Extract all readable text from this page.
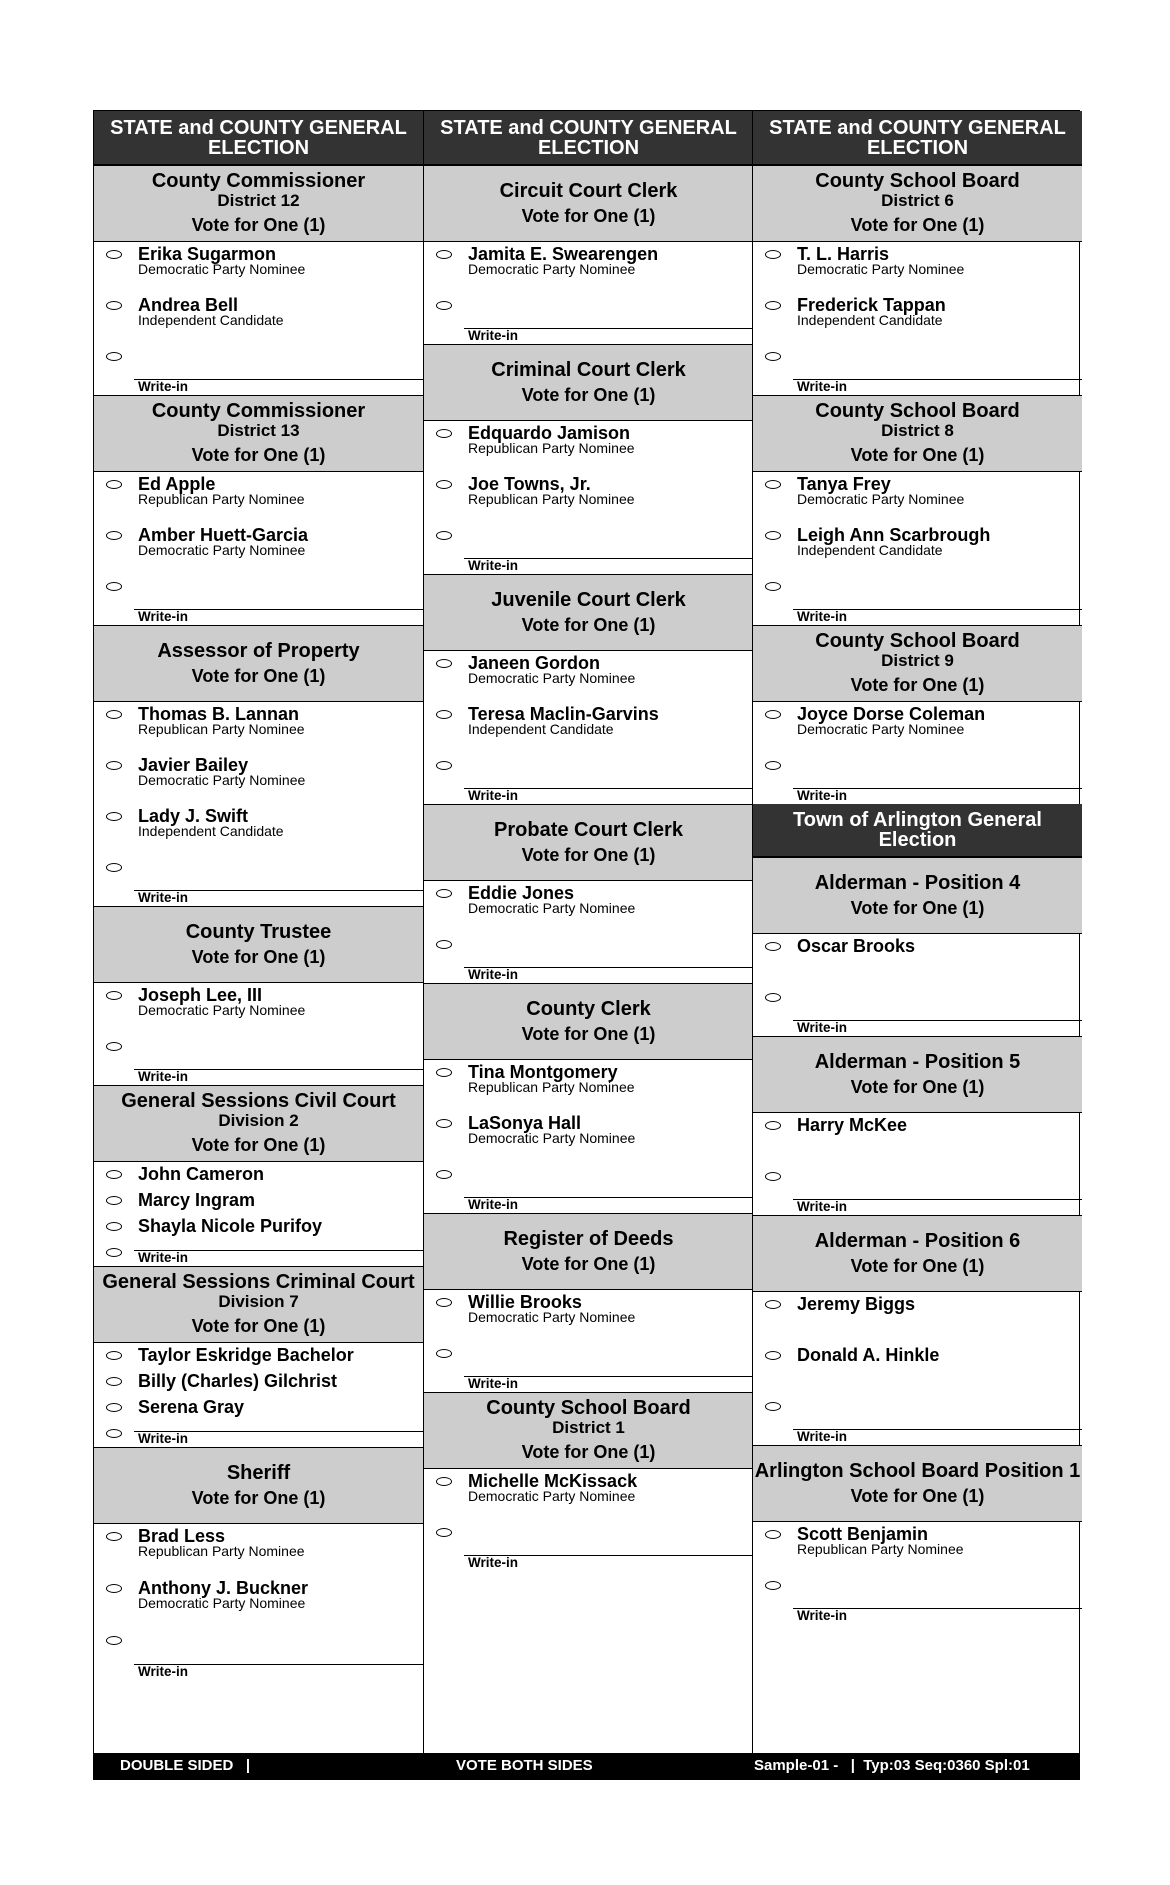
STATE and COUNTY GENERAL ELECTION
County Commissioner
District 12
Vote for One (1)
Erika Sugarmon
Democratic Party Nominee
Andrea Bell
Independent Candidate
Write-in
County Commissioner
District 13
Vote for One (1)
Ed Apple
Republican Party Nominee
Amber Huett-Garcia
Democratic Party Nominee
Write-in
Assessor of Property
Vote for One (1)
Thomas B. Lannan
Republican Party Nominee
Javier Bailey
Democratic Party Nominee
Lady J. Swift
Independent Candidate
Write-in
County Trustee
Vote for One (1)
Joseph Lee, III
Democratic Party Nominee
Write-in
General Sessions Civil Court
Division 2
Vote for One (1)
John Cameron
Marcy Ingram
Shayla Nicole Purifoy
Write-in
General Sessions Criminal Court
Division 7
Vote for One (1)
Taylor Eskridge Bachelor
Billy (Charles) Gilchrist
Serena Gray
Write-in
Sheriff
Vote for One (1)
Brad Less
Republican Party Nominee
Anthony J. Buckner
Democratic Party Nominee
Write-in
STATE and COUNTY GENERAL ELECTION
Circuit Court Clerk
Vote for One (1)
Jamita E. Swearengen
Democratic Party Nominee
Write-in
Criminal Court Clerk
Vote for One (1)
Edquardo Jamison
Republican Party Nominee
Joe Towns, Jr.
Republican Party Nominee
Write-in
Juvenile Court Clerk
Vote for One (1)
Janeen Gordon
Democratic Party Nominee
Teresa Maclin-Garvins
Independent Candidate
Write-in
Probate Court Clerk
Vote for One (1)
Eddie Jones
Democratic Party Nominee
Write-in
County Clerk
Vote for One (1)
Tina Montgomery
Republican Party Nominee
LaSonya Hall
Democratic Party Nominee
Write-in
Register of Deeds
Vote for One (1)
Willie Brooks
Democratic Party Nominee
Write-in
County School Board
District 1
Vote for One (1)
Michelle McKissack
Democratic Party Nominee
Write-in
STATE and COUNTY GENERAL ELECTION
County School Board
District 6
Vote for One (1)
T. L. Harris
Democratic Party Nominee
Frederick Tappan
Independent Candidate
Write-in
County School Board
District 8
Vote for One (1)
Tanya Frey
Democratic Party Nominee
Leigh Ann Scarbrough
Independent Candidate
Write-in
County School Board
District 9
Vote for One (1)
Joyce Dorse Coleman
Democratic Party Nominee
Write-in
Town of Arlington General Election
Alderman - Position 4
Vote for One (1)
Oscar Brooks
Write-in
Alderman - Position 5
Vote for One (1)
Harry McKee
Write-in
Alderman - Position 6
Vote for One (1)
Jeremy Biggs
Donald A. Hinkle
Write-in
Arlington School Board Position 1
Vote for One (1)
Scott Benjamin
Republican Party Nominee
Write-in
DOUBLE SIDED   |	VOTE BOTH SIDES	Sample-01 -   |  Typ:03 Seq:0360 Spl:01
